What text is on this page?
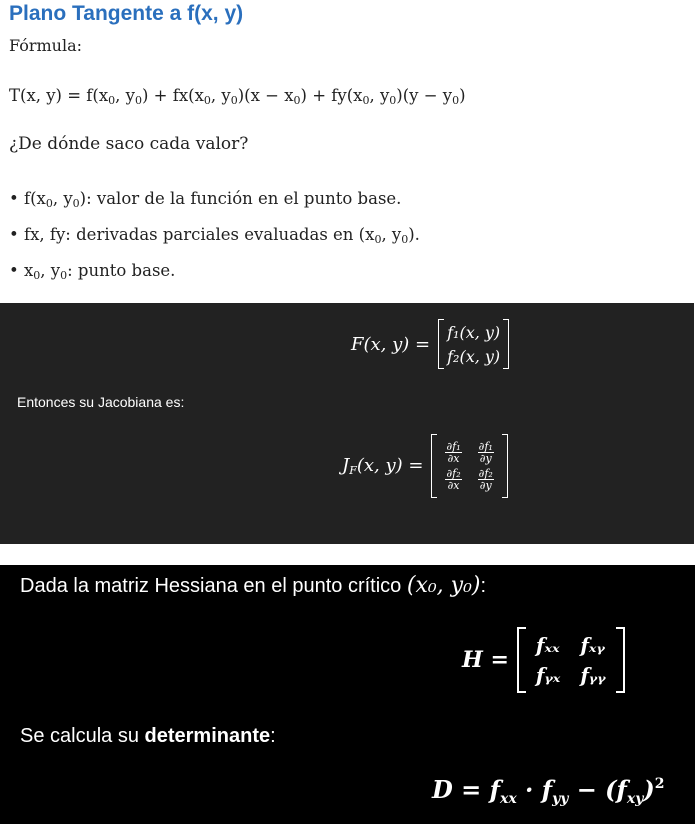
Plano Tangente a f(x, y)
Fórmula:
T(x, $y) = f(x_0$, $y_0) + fx(x_0$, $y_0)(x - x_0) + fy(x_0$, $y_0)(y - y_0)$
¿De dónde saco cada valor?
• $f(x_0$, $y_0$): valor de la función en el punto base.
• fx, fy: derivadas parciales evaluadas en ($x_0$, $y_0$).
• $x_0$, $y_0$: punto base.
F(x, y) =
f₁(x, y)
f₂(x, y)
Entonces su Jacobiana es:
$J_F(x$, y) =
$\frac{\text{∂f₁}}{\partial x} \frac{\text{∂f₁}}{\partial y}$
$\frac{\text{∂f₂}}{\partial x} \frac{\text{∂f₂}}{\partial y}$
Dada la matriz Hessiana en el punto crítico (x₀, y₀):
H =
fₓₓ fₓᵧ
fᵧₓ fᵧᵧ
Se calcula su determinante:
$D = f_{xx} \cdot f_{yy} - (f_{xy})^2$
